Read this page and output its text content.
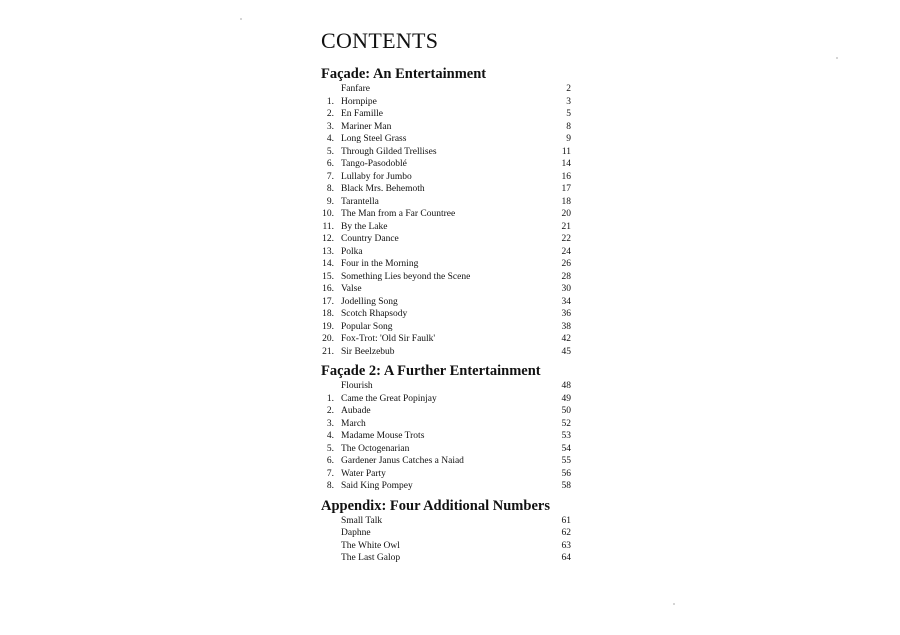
CONTENTS
Façade: An Entertainment
Fanfare	2
1. Hornpipe	3
2. En Famille	5
3. Mariner Man	8
4. Long Steel Grass	9
5. Through Gilded Trellises	11
6. Tango-Pasodoblé	14
7. Lullaby for Jumbo	16
8. Black Mrs. Behemoth	17
9. Tarantella	18
10. The Man from a Far Countree	20
11. By the Lake	21
12. Country Dance	22
13. Polka	24
14. Four in the Morning	26
15. Something Lies beyond the Scene	28
16. Valse	30
17. Jodelling Song	34
18. Scotch Rhapsody	36
19. Popular Song	38
20. Fox-Trot: 'Old Sir Faulk'	42
21. Sir Beelzebub	45
Façade 2: A Further Entertainment
Flourish	48
1. Came the Great Popinjay	49
2. Aubade	50
3. March	52
4. Madame Mouse Trots	53
5. The Octogenarian	54
6. Gardener Janus Catches a Naiad	55
7. Water Party	56
8. Said King Pompey	58
Appendix: Four Additional Numbers
Small Talk	61
Daphne	62
The White Owl	63
The Last Galop	64
